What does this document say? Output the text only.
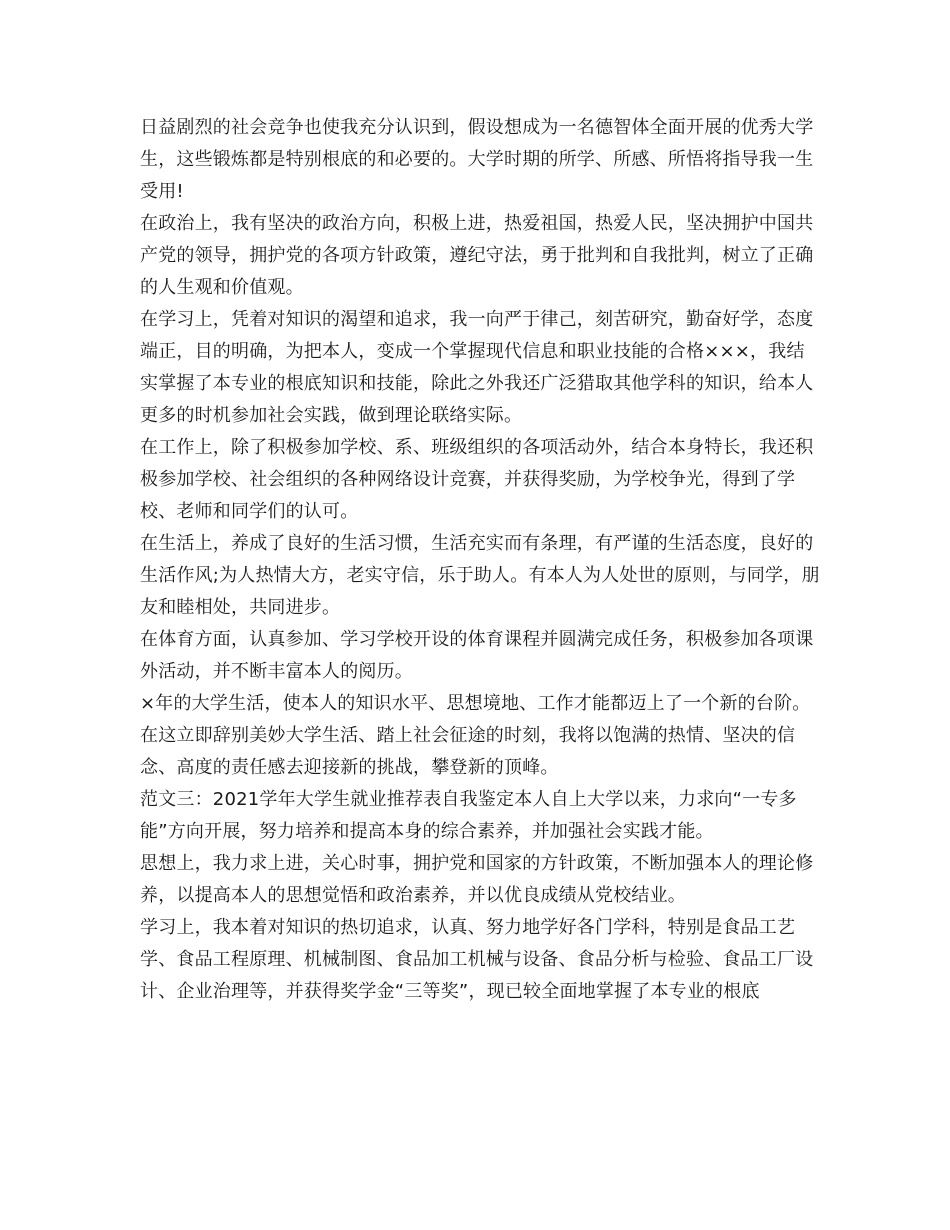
日益剧烈的社会竞争也使我充分认识到，假设想成为一名德智体全面开展的优秀大学生，这些锻炼都是特别根底的和必要的。大学时期的所学、所感、所悟将指导我一生受用!

在政治上，我有坚决的政治方向，积极上进，热爱祖国，热爱人民，坚决拥护中国共产党的领导，拥护党的各项方针政策，遵纪守法，勇于批判和自我批判，树立了正确的人生观和价值观。

在学习上，凭着对知识的渴望和追求，我一向严于律己，刻苦研究，勤奋好学，态度端正，目的明确，为把本人，变成一个掌握现代信息和职业技能的合格×××，我结实掌握了本专业的根底知识和技能，除此之外我还广泛猎取其他学科的知识，给本人更多的时机参加社会实践，做到理论联络实际。

在工作上，除了积极参加学校、系、班级组织的各项活动外，结合本身特长，我还积极参加学校、社会组织的各种网络设计竞赛，并获得奖励，为学校争光，得到了学校、老师和同学们的认可。

在生活上，养成了良好的生活习惯，生活充实而有条理，有严谨的生活态度，良好的生活作风;为人热情大方，老实守信，乐于助人。有本人为人处世的原则，与同学，朋友和睦相处，共同进步。

在体育方面，认真参加、学习学校开设的体育课程并圆满完成任务，积极参加各项课外活动，并不断丰富本人的阅历。

×年的大学生活，使本人的知识水平、思想境地、工作才能都迈上了一个新的台阶。在这立即辞别美妙大学生活、踏上社会征途的时刻，我将以饱满的热情、坚决的信念、高度的责任感去迎接新的挑战，攀登新的顶峰。

范文三：2021学年大学生就业推荐表自我鉴定本人自上大学以来，力求向“一专多能”方向开展，努力培养和提高本身的综合素养，并加强社会实践才能。

思想上，我力求上进，关心时事，拥护党和国家的方针政策，不断加强本人的理论修养，以提高本人的思想觉悟和政治素养，并以优良成绩从党校结业。

学习上，我本着对知识的热切追求，认真、努力地学好各门学科，特别是食品工艺学、食品工程原理、机械制图、食品加工机械与设备、食品分析与检验、食品工厂设计、企业治理等，并获得奖学金“三等奖”，现已较全面地掌握了本专业的根底
